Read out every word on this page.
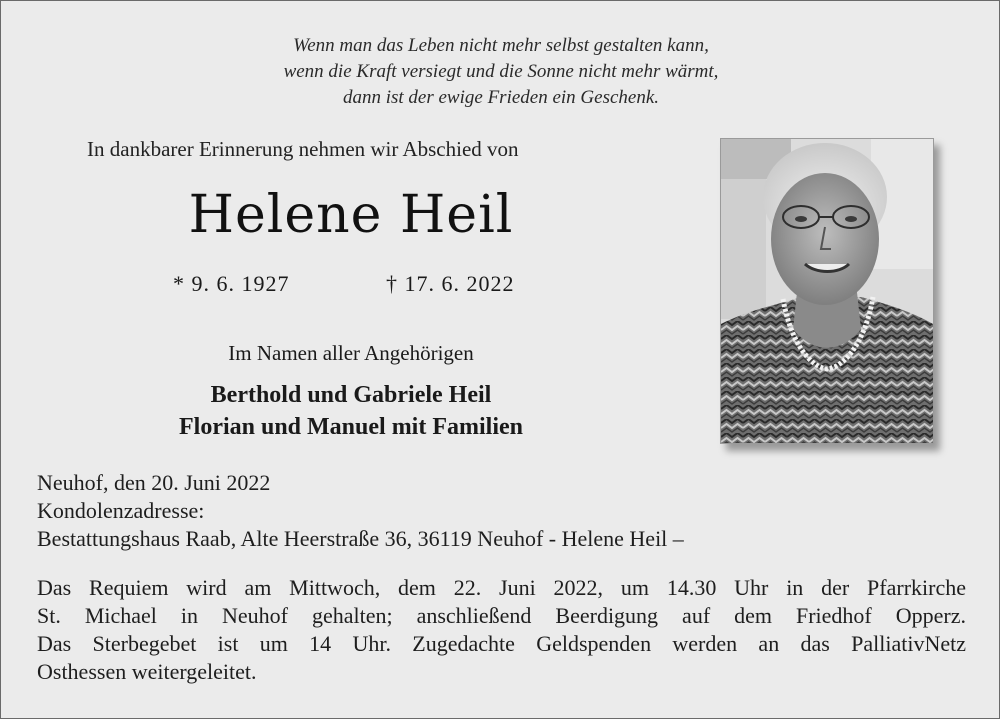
Wenn man das Leben nicht mehr selbst gestalten kann,
wenn die Kraft versiegt und die Sonne nicht mehr wärmt,
dann ist der ewige Frieden ein Geschenk.
In dankbarer Erinnerung nehmen wir Abschied von
Helene Heil
* 9. 6. 1927	† 17. 6. 2022
Im Namen aller Angehörigen
Berthold und Gabriele Heil
Florian und Manuel mit Familien
Neuhof, den 20. Juni 2022
Kondolenzadresse:
Bestattungshaus Raab, Alte Heerstraße 36, 36119 Neuhof - Helene Heil –
Das Requiem wird am Mittwoch, dem 22. Juni 2022, um 14.30 Uhr in der Pfarrkirche
St. Michael in Neuhof gehalten; anschließend Beerdigung auf dem Friedhof Opperz.
Das Sterbegebet ist um 14 Uhr. Zugedachte Geldspenden werden an das PalliativNetz
Osthessen weitergeleitet.
